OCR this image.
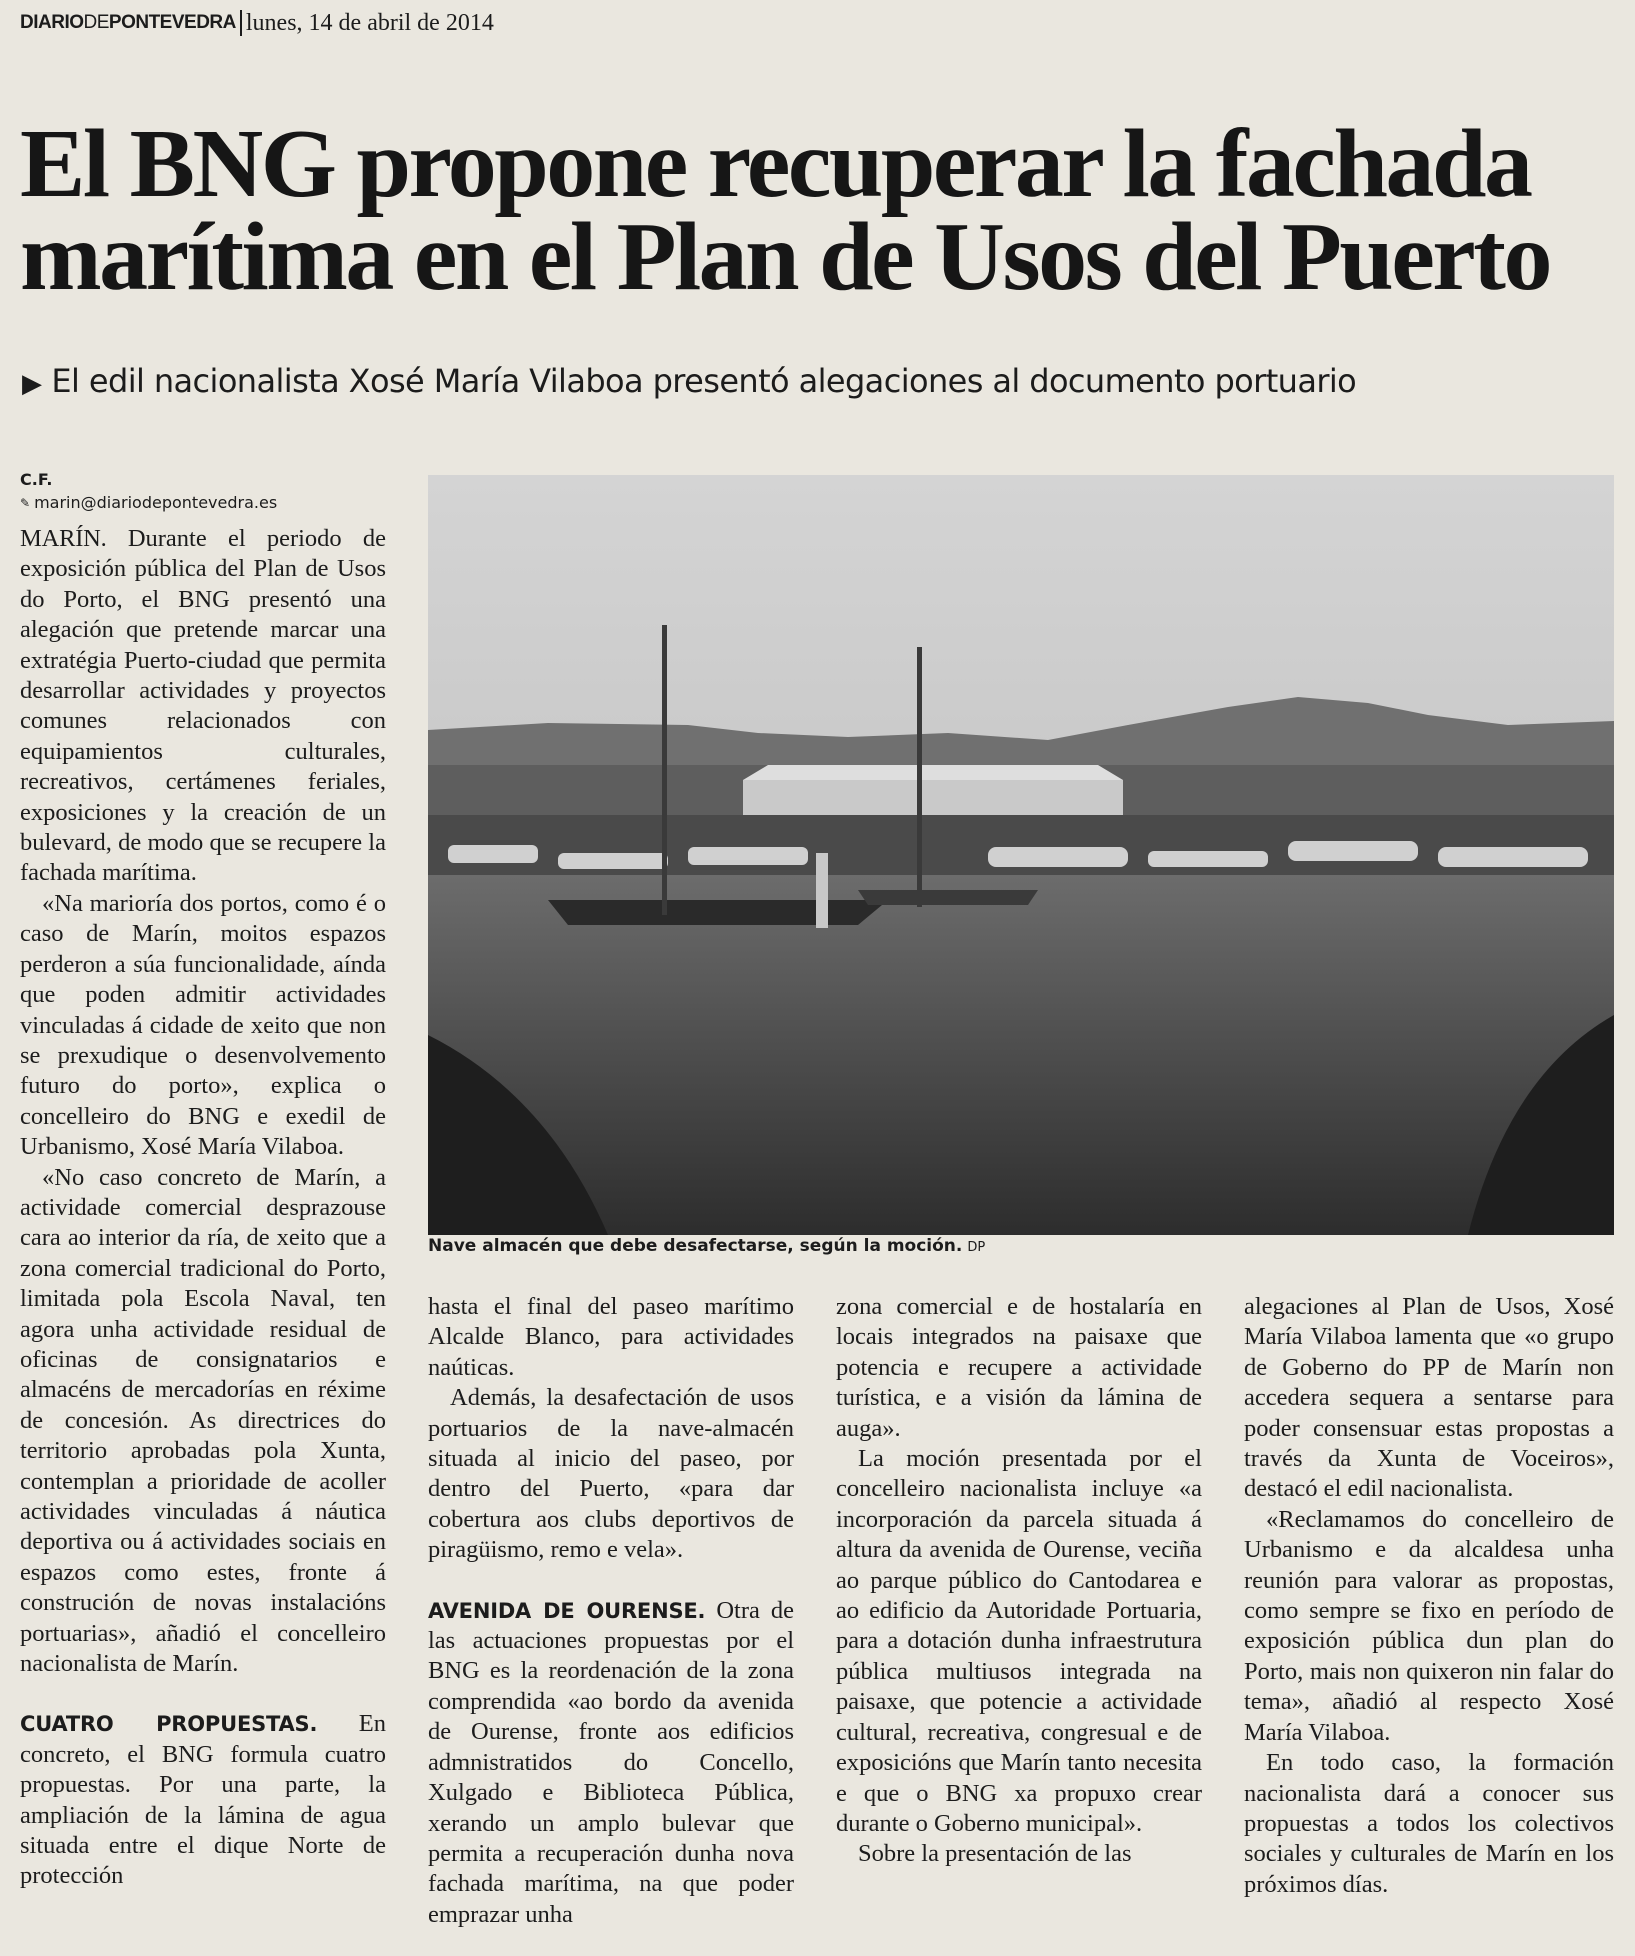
DIARIODEPONTEVEDRA lunes, 14 de abril de 2014
El BNG propone recuperar la fachada marítima en el Plan de Usos del Puerto
▶ El edil nacionalista Xosé María Vilaboa presentó alegaciones al documento portuario
C.F.
✎ marin@diariodepontevedra.es
Nave almacén que debe desafectarse, según la moción. DP

MARÍN. Durante el periodo de exposición pública del Plan de Usos do Porto, el BNG presentó una alegación que pretende marcar una extratégia Puerto-ciudad que permita desarrollar actividades y proyectos comunes relacionados con equipamientos culturales, recreativos, certámenes feriales, exposiciones y la creación de un bulevard, de modo que se recupere la fachada marítima.

«Na marioría dos portos, como é o caso de Marín, moitos espazos perderon a súa funcionalidade, aínda que poden admitir actividades vinculadas á cidade de xeito que non se prexudique o desenvolvemento futuro do porto», explica o concelleiro do BNG e exedil de Urbanismo, Xosé María Vilaboa.

«No caso concreto de Marín, a actividade comercial desprazouse cara ao interior da ría, de xeito que a zona comercial tradicional do Porto, limitada pola Escola Naval, ten agora unha actividade residual de oficinas de consignatarios e almacéns de mercadorías en réxime de concesión. As directrices do territorio aprobadas pola Xunta, contemplan a prioridade de acoller actividades vinculadas á náutica deportiva ou á actividades sociais en espazos como estes, fronte á construción de novas instalacións portuarias», añadió el concelleiro nacionalista de Marín.

CUATRO PROPUESTAS. En concreto, el BNG formula cuatro propuestas. Por una parte, la ampliación de la lámina de agua situada entre el dique Norte de protección

hasta el final del paseo marítimo Alcalde Blanco, para actividades naúticas.

Además, la desafectación de usos portuarios de la nave-almacén situada al inicio del paseo, por dentro del Puerto, «para dar cobertura aos clubs deportivos de piragüismo, remo e vela».

AVENIDA DE OURENSE. Otra de las actuaciones propuestas por el BNG es la reordenación de la zona comprendida «ao bordo da avenida de Ourense, fronte aos edificios admnistratidos do Concello, Xulgado e Biblioteca Pública, xerando un amplo bulevar que permita a recuperación dunha nova fachada marítima, na que poder emprazar unha

zona comercial e de hostalaría en locais integrados na paisaxe que potencia e recupere a actividade turística, e a visión da lámina de auga».

La moción presentada por el concelleiro nacionalista incluye «a incorporación da parcela situada á altura da avenida de Ourense, veciña ao parque público do Cantodarea e ao edificio da Autoridade Portuaria, para a dotación dunha infraestrutura pública multiusos integrada na paisaxe, que potencie a actividade cultural, recreativa, congresual e de exposicións que Marín tanto necesita e que o BNG xa propuxo crear durante o Goberno municipal».

Sobre la presentación de las

alegaciones al Plan de Usos, Xosé María Vilaboa lamenta que «o grupo de Goberno do PP de Marín non accedera sequera a sentarse para poder consensuar estas propostas a través da Xunta de Voceiros», destacó el edil nacionalista.

«Reclamamos do concelleiro de Urbanismo e da alcaldesa unha reunión para valorar as propostas, como sempre se fixo en período de exposición pública dun plan do Porto, mais non quixeron nin falar do tema», añadió al respecto Xosé María Vilaboa.

En todo caso, la formación nacionalista dará a conocer sus propuestas a todos los colectivos sociales y culturales de Marín en los próximos días.
